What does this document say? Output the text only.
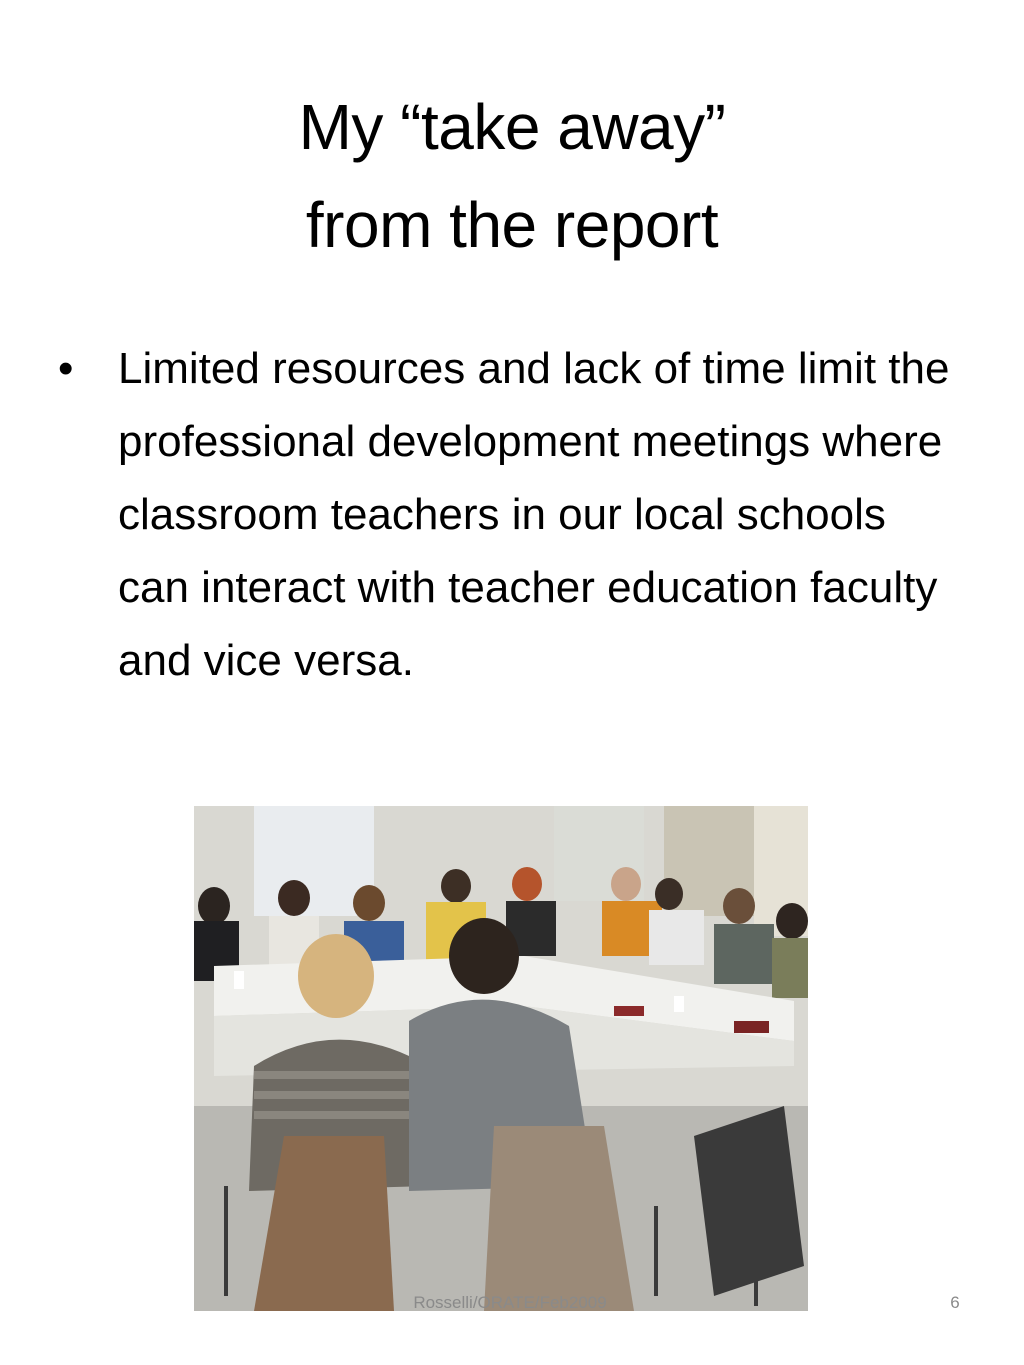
My “take away”
from the report
• Limited resources and lack of time limit the professional development meetings where classroom teachers in our local schools can interact with teacher education faculty and vice versa.
Rosselli/ORATE/Feb2009	6
